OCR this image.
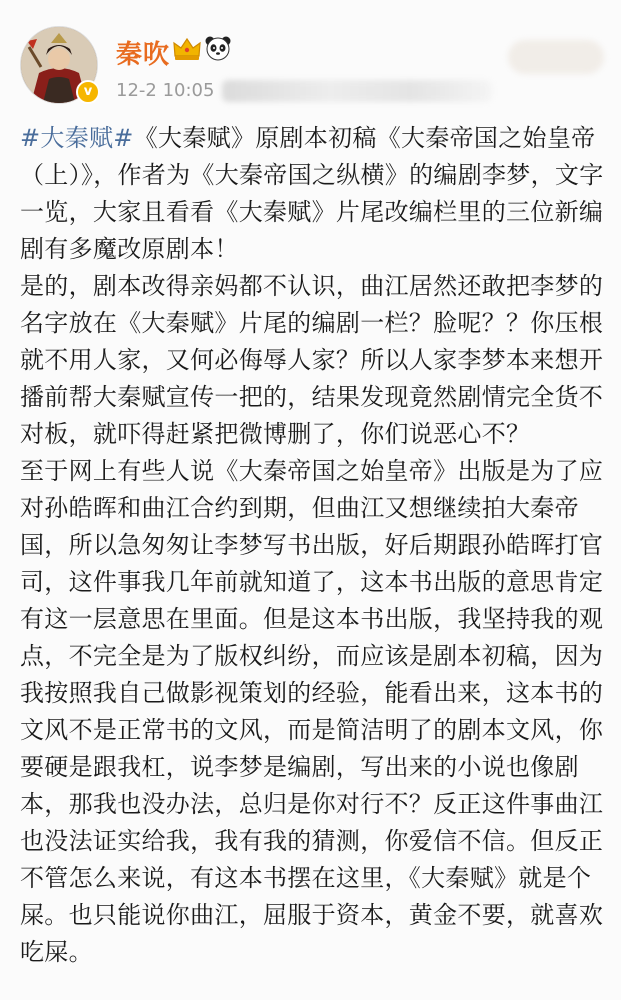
v
秦吹
12-2 10:05

#大秦赋#《大秦赋》原剧本初稿《大秦帝国之始皇帝（上）》，作者为《大秦帝国之纵横》的编剧李梦，文字一览，大家且看看《大秦赋》片尾改编栏里的三位新编剧有多魔改原剧本！

是的，剧本改得亲妈都不认识，曲江居然还敢把李梦的名字放在《大秦赋》片尾的编剧一栏？脸呢？？你压根就不用人家，又何必侮辱人家？所以人家李梦本来想开播前帮大秦赋宣传一把的，结果发现竟然剧情完全货不对板，就吓得赶紧把微博删了，你们说恶心不？

至于网上有些人说《大秦帝国之始皇帝》出版是为了应对孙皓晖和曲江合约到期，但曲江又想继续拍大秦帝国，所以急匆匆让李梦写书出版，好后期跟孙皓晖打官司，这件事我几年前就知道了，这本书出版的意思肯定有这一层意思在里面。但是这本书出版，我坚持我的观点，不完全是为了版权纠纷，而应该是剧本初稿，因为我按照我自己做影视策划的经验，能看出来，这本书的文风不是正常书的文风，而是简洁明了的剧本文风，你要硬是跟我杠，说李梦是编剧，写出来的小说也像剧本，那我也没办法，总归是你对行不？反正这件事曲江也没法证实给我，我有我的猜测，你爱信不信。但反正不管怎么来说，有这本书摆在这里，《大秦赋》就是个屎。也只能说你曲江，屈服于资本，黄金不要，就喜欢吃屎。
